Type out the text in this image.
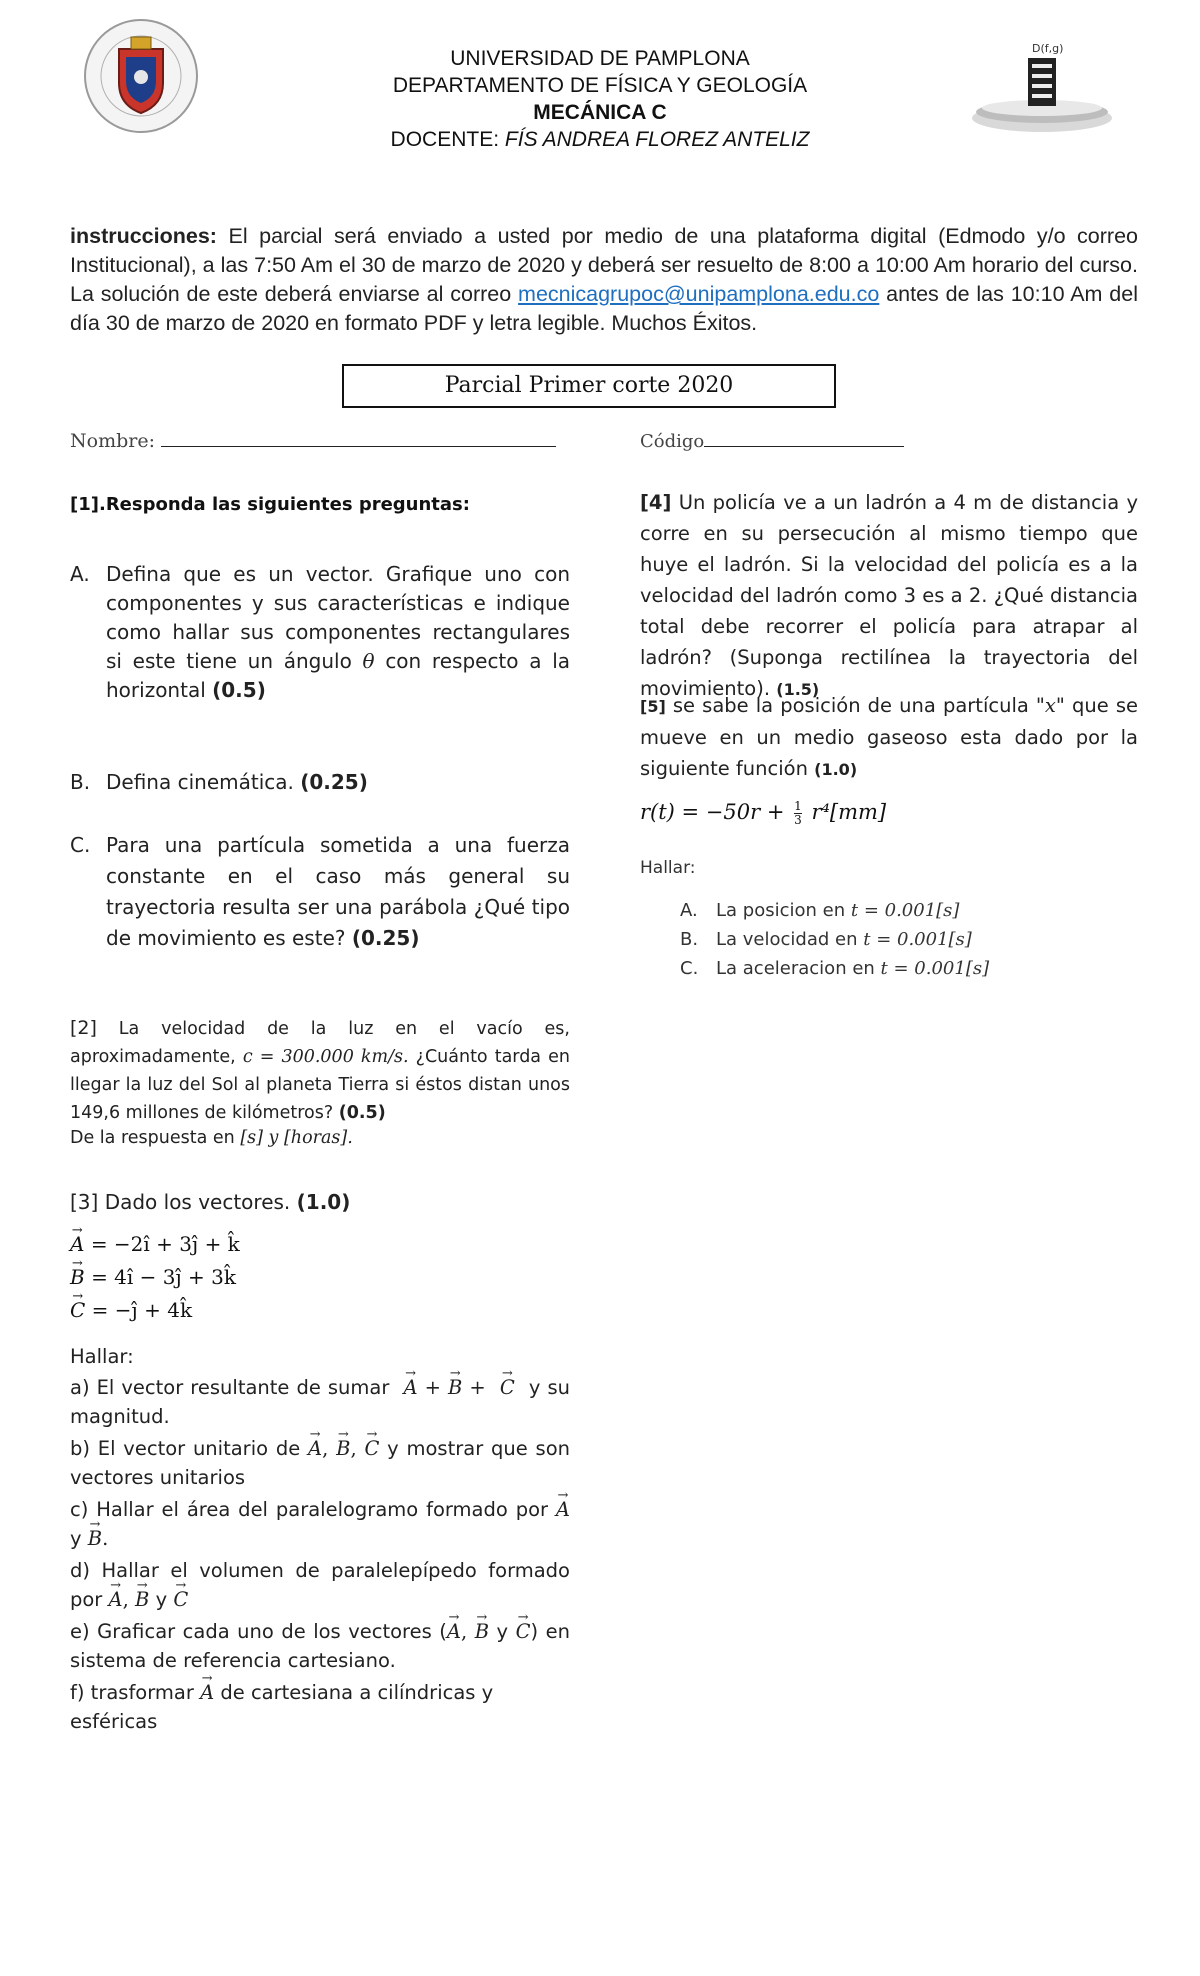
D(f,g)
UNIVERSIDAD DE PAMPLONA
DEPARTAMENTO DE FÍSICA Y GEOLOGÍA
MECÁNICA C
DOCENTE: FÍS ANDREA FLOREZ ANTELIZ
instrucciones: El parcial será enviado a usted por medio de una plataforma digital (Edmodo y/o correo Institucional), a las 7:50 Am el 30 de marzo de 2020 y deberá ser resuelto de 8:00 a 10:00 Am horario del curso. La solución de este deberá enviarse al correo mecnicagrupoc@unipamplona.edu.co antes de las 10:10 Am del día 30 de marzo de 2020 en formato PDF y letra legible. Muchos Éxitos.
Parcial Primer corte 2020
Nombre:	Código
[1].Responda las siguientes preguntas:
A. Defina que es un vector. Grafique uno con componentes y sus características e indique como hallar sus componentes rectangulares si este tiene un ángulo θ con respecto a la horizontal (0.5)
B. Defina cinemática. (0.25)
C. Para una partícula sometida a una fuerza constante en el caso más general su trayectoria resulta ser una parábola ¿Qué tipo de movimiento es este? (0.25)
[2] La velocidad de la luz en el vacío es, aproximadamente, c = 300.000 km/s. ¿Cuánto tarda en llegar la luz del Sol al planeta Tierra si éstos distan unos 149,6 millones de kilómetros? (0.5)
De la respuesta en [s] y [horas].
[3] Dado los vectores. (1.0)
A → = −2î + 3ĵ + k̂
B → = 4î − 3ĵ + 3k̂
C → = −ĵ + 4k̂
Hallar:
a) El vector resultante de sumar A → + B → +  C → y su magnitud.
b) El vector unitario de A →, B →, C → y mostrar que son vectores unitarios
c) Hallar el área del paralelogramo formado por A → y B →.
d) Hallar el volumen de paralelepípedo formado por A →, B → y C →
e) Graficar cada uno de los vectores (A →, B → y C →) en sistema de referencia cartesiano.
f) trasformar A → de cartesiana a cilíndricas y esféricas
[4] Un policía ve a un ladrón a 4 m de distancia y corre en su persecución al mismo tiempo que huye el ladrón. Si la velocidad del policía es a la velocidad del ladrón como 3 es a 2. ¿Qué distancia total debe recorrer el policía para atrapar al ladrón? (Suponga rectilínea la trayectoria del movimiento). (1.5)
[5] se sabe la posición de una partícula "x" que se mueve en un medio gaseoso esta dado por la siguiente función (1.0)
$r(t) = -50r + \frac{1}{3} r^4[mm]$
Hallar:
A.	La posicion en t = 0.001[s]
B. La velocidad en t = 0.001[s]
C. La aceleracion en t = 0.001[s]
